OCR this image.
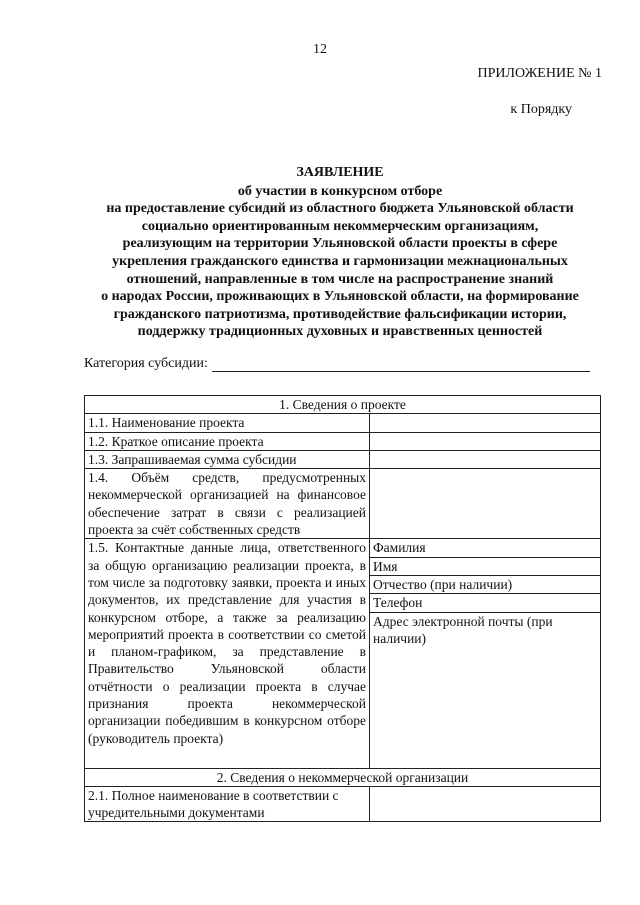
12
ПРИЛОЖЕНИЕ № 1
к Порядку
ЗАЯВЛЕНИЕ
об участии в конкурсном отборе
на предоставление субсидий из областного бюджета Ульяновской области
социально ориентированным некоммерческим организациям,
реализующим на территории Ульяновской области проекты в сфере
укрепления гражданского единства и гармонизации межнациональных
отношений, направленные в том числе на распространение знаний
о народах России, проживающих в Ульяновской области, на формирование
гражданского патриотизма, противодействие фальсификации истории,
поддержку традиционных духовных и нравственных ценностей
Категория субсидии:
1. Сведения о проекте	
1.1. Наименование проекта	
1.2. Краткое описание проекта	
1.3. Запрашиваемая сумма субсидии	
1.4. Объём средств, предусмотренных некоммерческой организацией на финансовое обеспечение затрат в связи с реализацией проекта за счёт собственных средств	
1.5. Контактные данные лица, ответственного за общую организацию реализации проекта, в том числе за подготовку заявки, проекта и иных документов, их представление для участия в конкурсном отборе, а также за реализацию мероприятий проекта в соответствии со сметой и планом-графиком, за представление в Правительство Ульяновской области отчётности о реализации проекта в случае признания проекта некоммерческой организации победившим в конкурсном отборе (руководитель проекта)	Фамилия
	Имя
	Отчество (при наличии)
	Телефон
	Адрес электронной почты (при наличии)
2. Сведения о некоммерческой организации	
2.1. Полное наименование в соответствии с учредительными документами	
